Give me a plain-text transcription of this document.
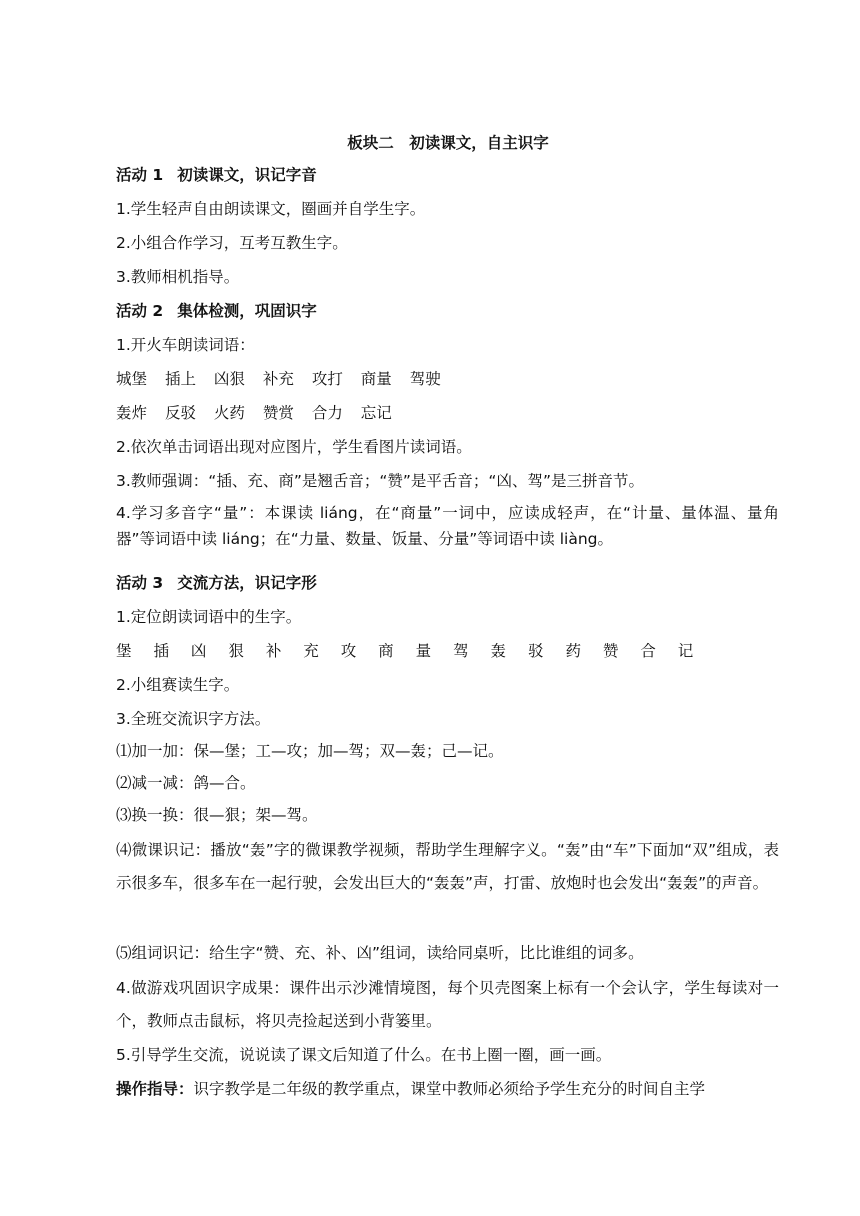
板块二　初读课文，自主识字
活动 1 初读课文，识记字音
1.学生轻声自由朗读课文，圈画并自学生字。
2.小组合作学习，互考互教生字。
3.教师相机指导。
活动 2 集体检测，巩固识字
1.开火车朗读词语：
城堡 插上 凶狠 补充 攻打 商量 驾驶
轰炸 反驳 火药 赞赏 合力 忘记
2.依次单击词语出现对应图片，学生看图片读词语。
3.教师强调：“插、充、商”是翘舌音；“赞”是平舌音；“凶、驾”是三拼音节。
4.学习多音字“量”：本课读 liáng，在“商量”一词中，应读成轻声，在“计量、量体温、量角器”等词语中读 liáng；在“力量、数量、饭量、分量”等词语中读 liàng。
活动 3 交流方法，识记字形
1.定位朗读词语中的生字。
堡 插 凶 狠 补 充 攻 商 量 驾 轰 驳 药 赞 合 记
2.小组赛读生字。
3.全班交流识字方法。
⑴加一加：保—堡；工—攻；加—驾；双—轰；己—记。
⑵减一减：鸽—合。
⑶换一换：很—狠；架—驾。
⑷微课识记：播放“轰”字的微课教学视频，帮助学生理解字义。“轰”由“车”下面加“双”组成，表示很多车，很多车在一起行驶，会发出巨大的“轰轰”声，打雷、放炮时也会发出“轰轰”的声音。
⑸组词识记：给生字“赞、充、补、凶”组词，读给同桌听，比比谁组的词多。
4.做游戏巩固识字成果：课件出示沙滩情境图，每个贝壳图案上标有一个会认字，学生每读对一个，教师点击鼠标，将贝壳捡起送到小背篓里。
5.引导学生交流，说说读了课文后知道了什么。在书上圈一圈，画一画。
操作指导：识字教学是二年级的教学重点，课堂中教师必须给予学生充分的时间自主学
